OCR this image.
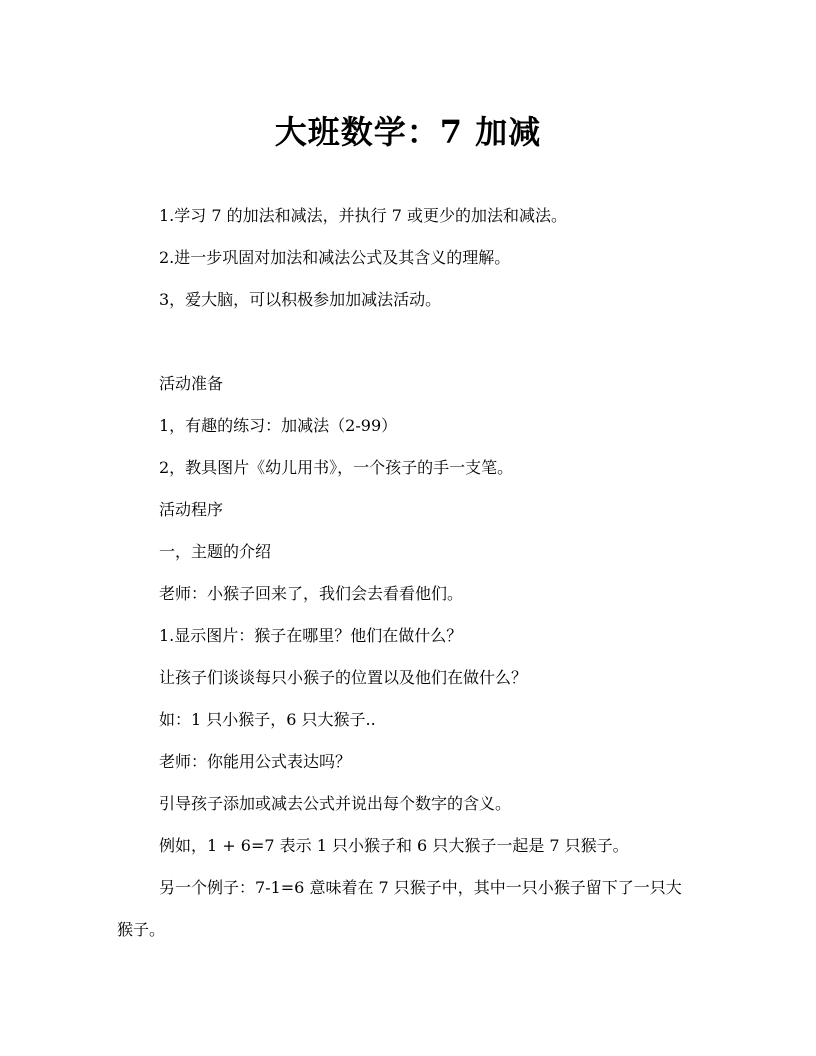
大班数学：7 加减
1.学习 7 的加法和减法，并执行 7 或更少的加法和减法。
2.进一步巩固对加法和减法公式及其含义的理解。
3，爱大脑，可以积极参加加减法活动。
活动准备
1，有趣的练习：加减法（2-99）
2，教具图片《幼儿用书》，一个孩子的手一支笔。
活动程序
一，主题的介绍
老师：小猴子回来了，我们会去看看他们。
1.显示图片：猴子在哪里？他们在做什么？
让孩子们谈谈每只小猴子的位置以及他们在做什么？
如：1 只小猴子，6 只大猴子..
老师：你能用公式表达吗？
引导孩子添加或减去公式并说出每个数字的含义。
例如，1 + 6=7 表示 1 只小猴子和 6 只大猴子一起是 7 只猴子。
另一个例子：7-1=6 意味着在 7 只猴子中，其中一只小猴子留下了一只大猴子。
